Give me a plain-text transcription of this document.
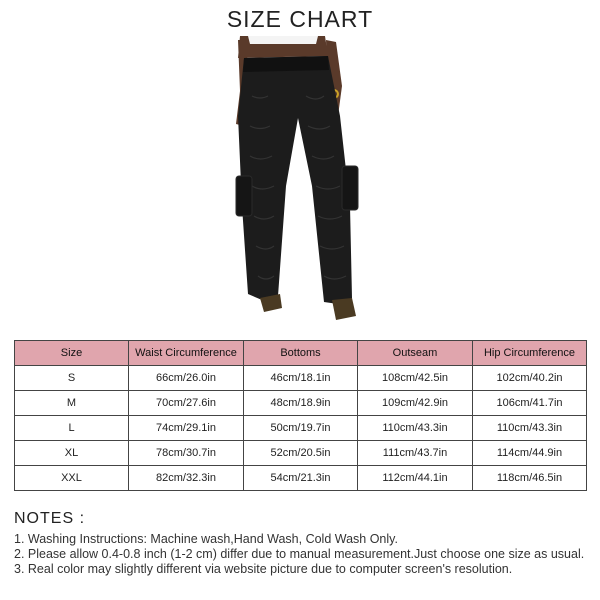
SIZE CHART
Size	Waist Circumference	Bottoms	Outseam	Hip Circumference
S	66cm/26.0in	46cm/18.1in	108cm/42.5in	102cm/40.2in
M	70cm/27.6in	48cm/18.9in	109cm/42.9in	106cm/41.7in
L	74cm/29.1in	50cm/19.7in	110cm/43.3in	110cm/43.3in
XL	78cm/30.7in	52cm/20.5in	111cm/43.7in	114cm/44.9in
XXL	82cm/32.3in	54cm/21.3in	112cm/44.1in	118cm/46.5in
NOTES :
1. Washing Instructions: Machine wash,Hand Wash, Cold Wash Only.
2. Please allow 0.4-0.8 inch (1-2 cm) differ due to manual measurement.Just choose one size as usual.
3. Real color may slightly different via website picture due to computer screen's resolution.
